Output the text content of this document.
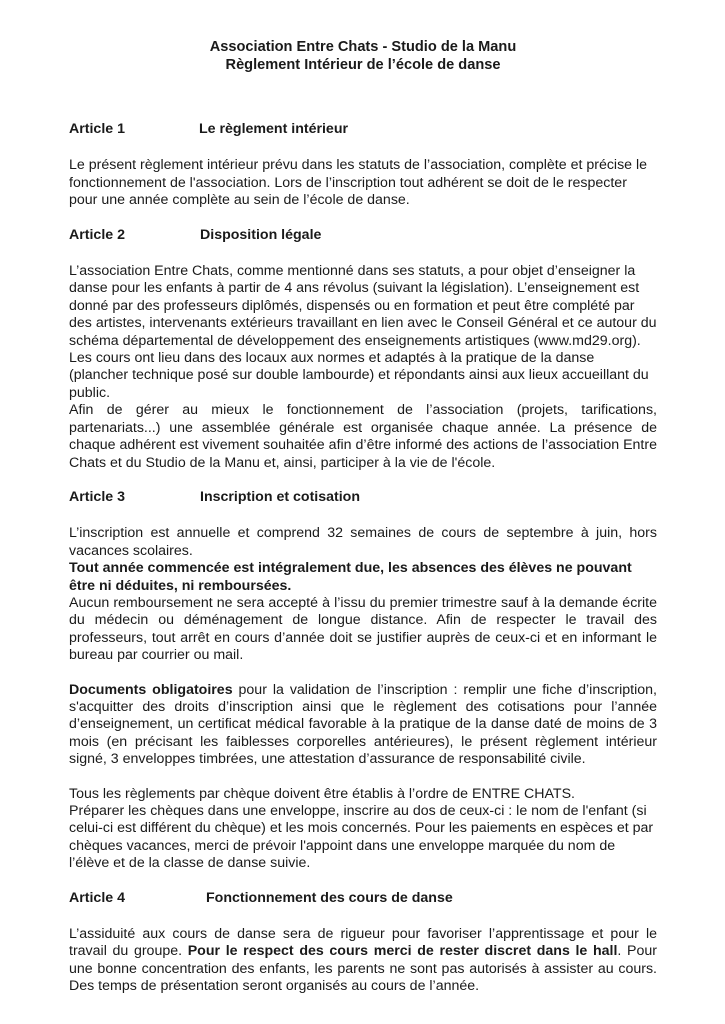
Association Entre Chats - Studio de la Manu

Règlement Intérieur de l’école de danse

Article 1	Le règlement intérieur

Le présent règlement intérieur prévu dans les statuts de l’association, complète et précise le fonctionnement de l'association. Lors de l’inscription tout adhérent se doit de le respecter pour une année complète au sein de l’école de danse.

Article 2	Disposition légale

L’association Entre Chats, comme mentionné dans ses statuts, a pour objet d’enseigner la danse pour les enfants à partir de 4 ans révolus (suivant la législation). L’enseignement est donné par des professeurs diplômés, dispensés ou en formation et peut être complété par des artistes, intervenants extérieurs travaillant en lien avec le Conseil Général et ce autour du schéma départemental de développement des enseignements artistiques (www.md29.org). Les cours ont lieu dans des locaux aux normes et adaptés à la pratique de la danse (plancher technique posé sur double lambourde) et répondants ainsi aux lieux accueillant du public.

Afin de gérer au mieux le fonctionnement de l’association (projets, tarifications, partenariats...) une assemblée générale est organisée chaque année. La présence de chaque adhérent est vivement souhaitée afin d’être informé des actions de l’association Entre Chats et du Studio de la Manu et, ainsi, participer à la vie de l'école.

Article 3	Inscription et cotisation

L’inscription est annuelle et comprend 32 semaines de cours de septembre à juin, hors vacances scolaires.

Tout année commencée est intégralement due, les absences des élèves ne pouvant être ni déduites, ni remboursées.

Aucun remboursement ne sera accepté à l’issu du premier trimestre sauf à la demande écrite du médecin ou déménagement de longue distance. Afin de respecter le travail des professeurs, tout arrêt en cours d’année doit se justifier auprès de ceux-ci et en informant le bureau par courrier ou mail.

Documents obligatoires pour la validation de l’inscription : remplir une fiche d’inscription, s'acquitter des droits d’inscription ainsi que le règlement des cotisations pour l’année d’enseignement, un certificat médical favorable à la pratique de la danse daté de moins de 3 mois (en précisant les faiblesses corporelles antérieures), le présent règlement intérieur signé, 3 enveloppes timbrées, une attestation d’assurance de responsabilité civile.

Tous les règlements par chèque doivent être établis à l’ordre de ENTRE CHATS.

Préparer les chèques dans une enveloppe, inscrire au dos de ceux-ci : le nom de l'enfant (si celui-ci est différent du chèque) et les mois concernés. Pour les paiements en espèces et par chèques vacances, merci de prévoir l'appoint dans une enveloppe marquée du nom de l’élève et de la classe de danse suivie.

Article 4	Fonctionnement des cours de danse

L’assiduité aux cours de danse sera de rigueur pour favoriser l’apprentissage et pour le travail du groupe. Pour le respect des cours merci de rester discret dans le hall. Pour une bonne concentration des enfants, les parents ne sont pas autorisés à assister au cours. Des temps de présentation seront organisés au cours de l’année.
